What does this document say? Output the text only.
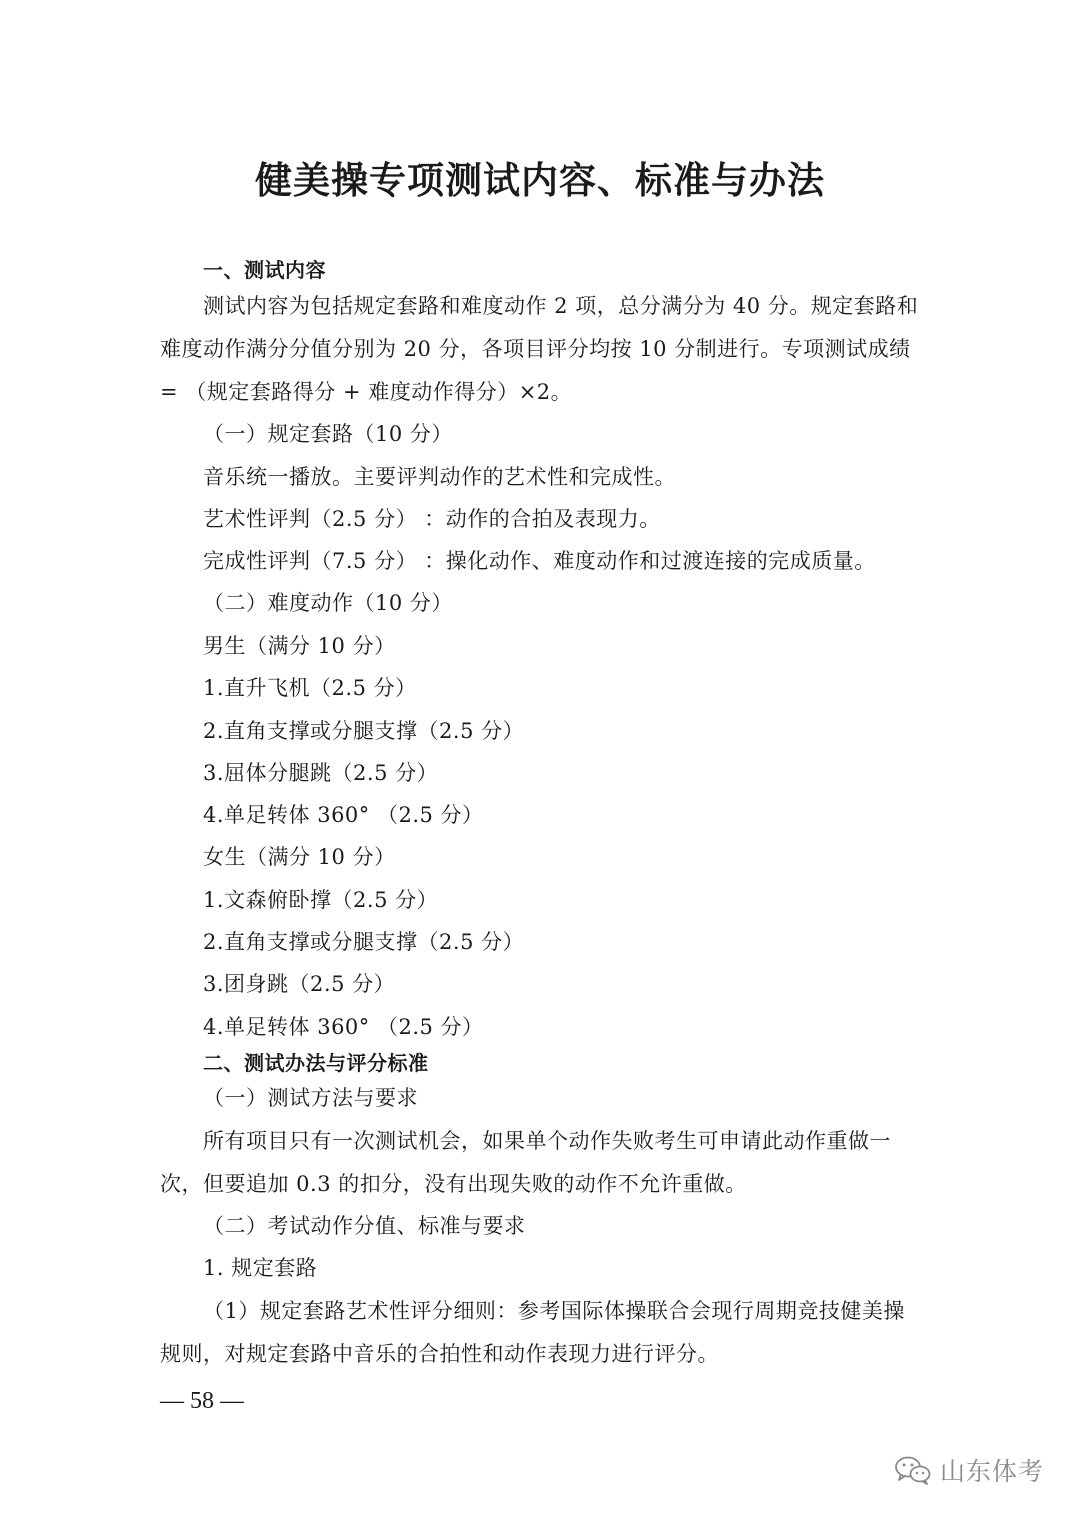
健美操专项测试内容、标准与办法
一、测试内容
测试内容为包括规定套路和难度动作 2 项，总分满分为 40 分。规定套路和
难度动作满分分值分别为 20 分，各项目评分均按 10 分制进行。专项测试成绩
= （规定套路得分 + 难度动作得分）×2。
（一）规定套路（10 分）
音乐统一播放。主要评判动作的艺术性和完成性。
艺术性评判（2.5 分） ：动作的合拍及表现力。
完成性评判（7.5 分） ：操化动作、难度动作和过渡连接的完成质量。
（二）难度动作（10 分）
男生（满分 10 分）
1.直升飞机（2.5 分）
2.直角支撑或分腿支撑（2.5 分）
3.屈体分腿跳（2.5 分）
4.单足转体 360° （2.5 分）
女生（满分 10 分）
1.文森俯卧撑（2.5 分）
2.直角支撑或分腿支撑（2.5 分）
3.团身跳（2.5 分）
4.单足转体 360° （2.5 分）
二、测试办法与评分标准
（一）测试方法与要求
所有项目只有一次测试机会，如果单个动作失败考生可申请此动作重做一
次，但要追加 0.3 的扣分，没有出现失败的动作不允许重做。
（二）考试动作分值、标准与要求
1. 规定套路
（1）规定套路艺术性评分细则：参考国际体操联合会现行周期竞技健美操
规则，对规定套路中音乐的合拍性和动作表现力进行评分。
— 58 —
山东体考
